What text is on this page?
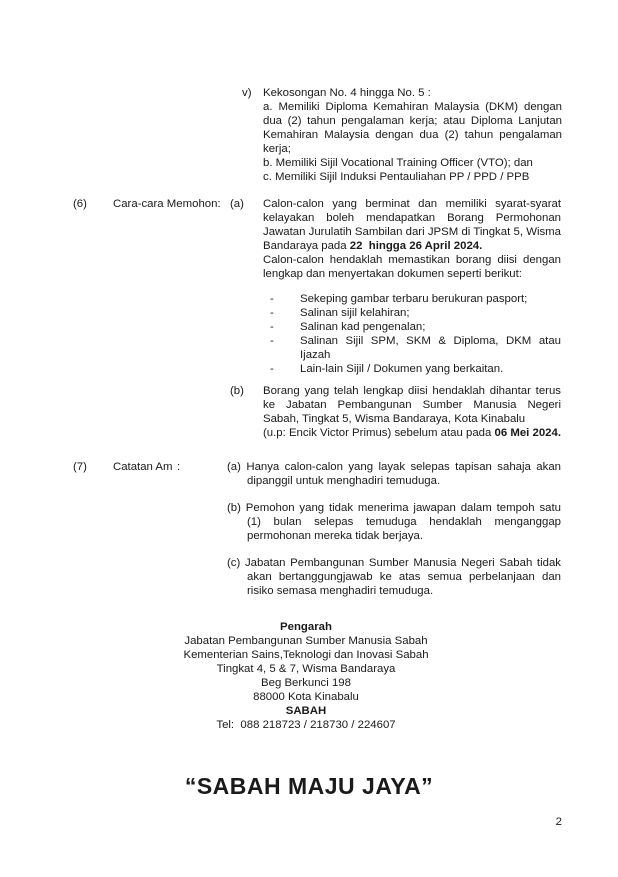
v)	Kekosongan No. 4 hingga No. 5 :
a. Memiliki Diploma Kemahiran Malaysia (DKM) dengan dua (2) tahun pengalaman kerja; atau Diploma Lanjutan Kemahiran Malaysia dengan dua (2) tahun pengalaman kerja;
b. Memiliki Sijil Vocational Training Officer (VTO); dan
c. Memiliki Sijil Induksi Pentauliahan PP / PPD / PPB
(6)	Cara-cara Memohon: (a)	Calon-calon yang berminat dan memiliki syarat-syarat kelayakan boleh mendapatkan Borang Permohonan Jawatan Jurulatih Sambilan dari JPSM di Tingkat 5, Wisma Bandaraya pada 22  hingga 26 April 2024.
Calon-calon hendaklah memastikan borang diisi dengan lengkap dan menyertakan dokumen seperti berikut:
-	Sekeping gambar terbaru berukuran pasport;
-	Salinan sijil kelahiran;
-	Salinan kad pengenalan;
-	Salinan Sijil SPM, SKM & Diploma, DKM atau Ijazah
-	Lain-lain Sijil / Dokumen yang berkaitan.
(b)	Borang yang telah lengkap diisi hendaklah dihantar terus ke Jabatan Pembangunan Sumber Manusia Negeri Sabah, Tingkat 5, Wisma Bandaraya, Kota Kinabalu
(u.p: Encik Victor Primus) sebelum atau pada 06 Mei 2024.
(7)	Catatan Am :	(a) Hanya calon-calon yang layak selepas tapisan sahaja akan dipanggil untuk menghadiri temuduga.
(b) Pemohon yang tidak menerima jawapan dalam tempoh satu (1) bulan selepas temuduga hendaklah menganggap permohonan mereka tidak berjaya.
(c) Jabatan Pembangunan Sumber Manusia Negeri Sabah tidak akan bertanggungjawab ke atas semua perbelanjaan dan risiko semasa menghadiri temuduga.
Pengarah
Jabatan Pembangunan Sumber Manusia Sabah
Kementerian Sains,Teknologi dan Inovasi Sabah
Tingkat 4, 5 & 7, Wisma Bandaraya
Beg Berkunci 198
88000 Kota Kinabalu
SABAH
Tel:  088 218723 / 218730 / 224607
“SABAH MAJU JAYA”
2
